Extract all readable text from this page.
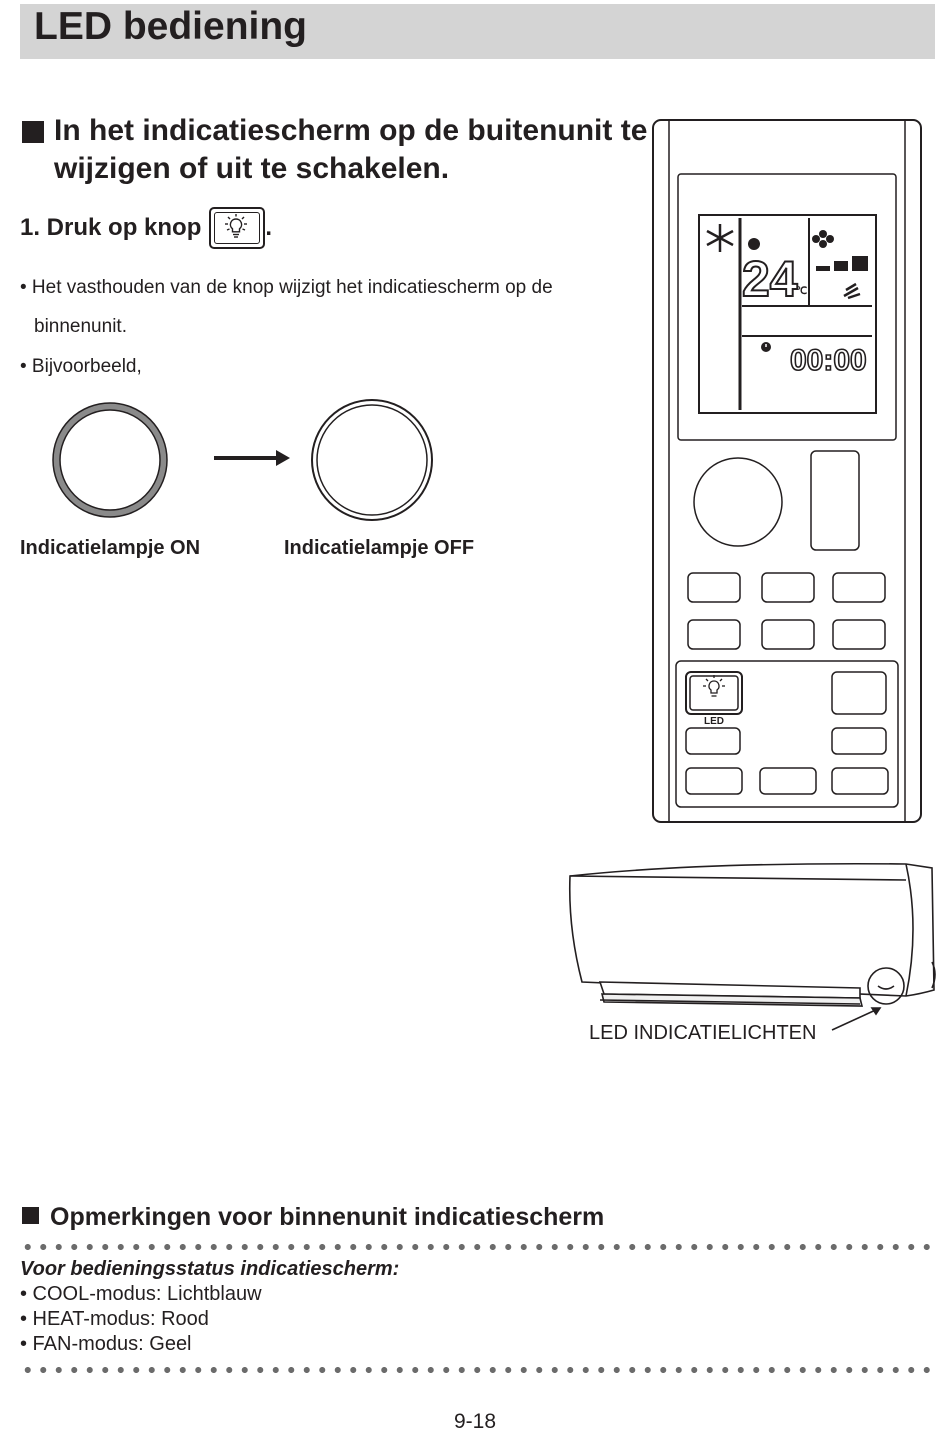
LED bediening
In het indicatiescherm op de buitenunit te wijzigen of uit te schakelen.
1. Druk op knop	.
• Het vasthouden van de knop wijzigt het indicatiescherm op de
binnenunit.
• Bijvoorbeeld,
Indicatielampje ON	Indicatielampje OFF
24
℃
00:00
LED
LED INDICATIELICHTEN
Opmerkingen voor binnenunit indicatiescherm
Voor bedieningsstatus indicatiescherm:
• COOL-modus: Lichtblauw
• HEAT-modus: Rood
• FAN-modus: Geel
9-18
